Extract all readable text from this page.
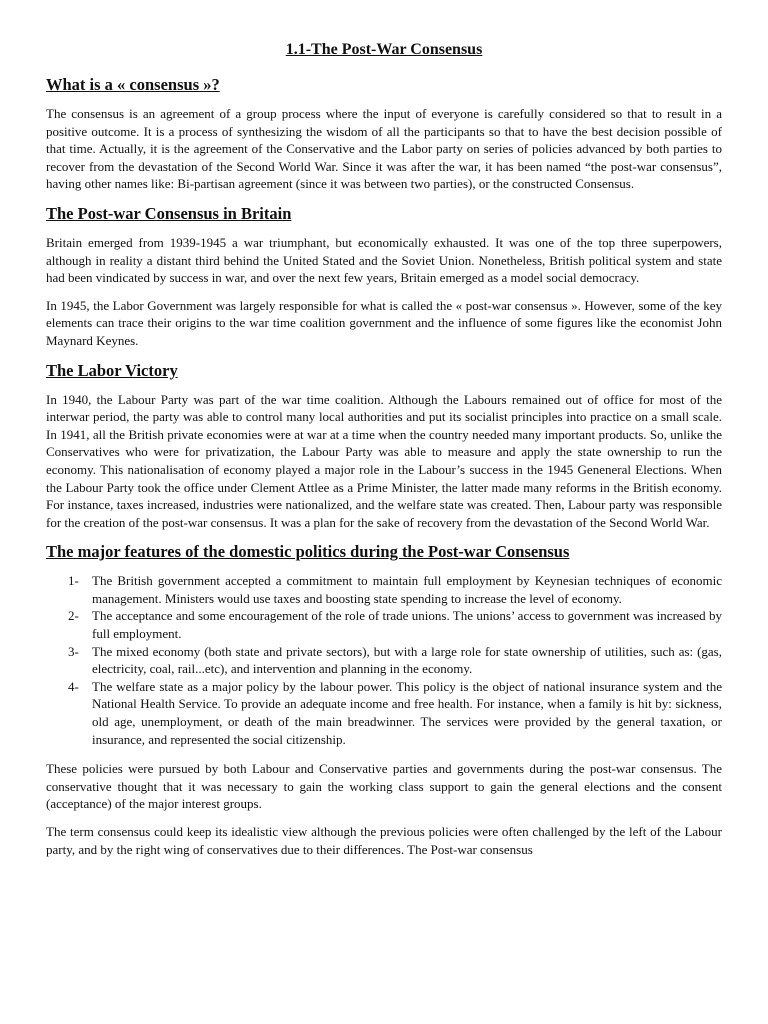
1.1-The Post-War Consensus
What is a « consensus »?

The consensus is an agreement of a group process where the input of everyone is carefully considered so that to result in a positive outcome. It is a process of synthesizing the wisdom of all the participants so that to have the best decision possible of that time. Actually, it is the agreement of the Conservative and the Labor party on series of policies advanced by both parties to recover from the devastation of the Second World War. Since it was after the war, it has been named “the post-war consensus”, having other names like: Bi-partisan agreement (since it was between two parties), or the constructed Consensus.

The Post-war Consensus in Britain

Britain emerged from 1939-1945 a war triumphant, but economically exhausted. It was one of the top three superpowers, although in reality a distant third behind the United Stated and the Soviet Union. Nonetheless, British political system and state had been vindicated by success in war, and over the next few years, Britain emerged as a model social democracy.

In 1945, the Labor Government was largely responsible for what is called the « post-war consensus ». However, some of the key elements can trace their origins to the war time coalition government and the influence of some figures like the economist John Maynard Keynes.

The Labor Victory

In 1940, the Labour Party was part of the war time coalition. Although the Labours remained out of office for most of the interwar period, the party was able to control many local authorities and put its socialist principles into practice on a small scale. In 1941, all the British private economies were at war at a time when the country needed many important products. So, unlike the Conservatives who were for privatization, the Labour Party was able to measure and apply the state ownership to run the economy. This nationalisation of economy played a major role in the Labour’s success in the 1945 Geneneral Elections. When the Labour Party took the office under Clement Attlee as a Prime Minister, the latter made many reforms in the British economy. For instance, taxes increased, industries were nationalized, and the welfare state was created. Then, Labour party was responsible for the creation of the post-war consensus. It was a plan for the sake of recovery from the devastation of the Second World War.

The major features of the domestic politics during the Post-war Consensus
1- The British government accepted a commitment to maintain full employment by Keynesian techniques of economic management. Ministers would use taxes and boosting state spending to increase the level of economy.
2- The acceptance and some encouragement of the role of trade unions. The unions’ access to government was increased by full employment.
3- The mixed economy (both state and private sectors), but with a large role for state ownership of utilities, such as: (gas, electricity, coal, rail...etc), and intervention and planning in the economy.
4- The welfare state as a major policy by the labour power. This policy is the object of national insurance system and the National Health Service. To provide an adequate income and free health. For instance, when a family is hit by: sickness, old age, unemployment, or death of the main breadwinner. The services were provided by the general taxation, or insurance, and represented the social citizenship.

These policies were pursued by both Labour and Conservative parties and governments during the post-war consensus. The conservative thought that it was necessary to gain the working class support to gain the general elections and the consent (acceptance) of the major interest groups.

The term consensus could keep its idealistic view although the previous policies were often challenged by the left of the Labour party, and by the right wing of conservatives due to their differences. The Post-war consensus
